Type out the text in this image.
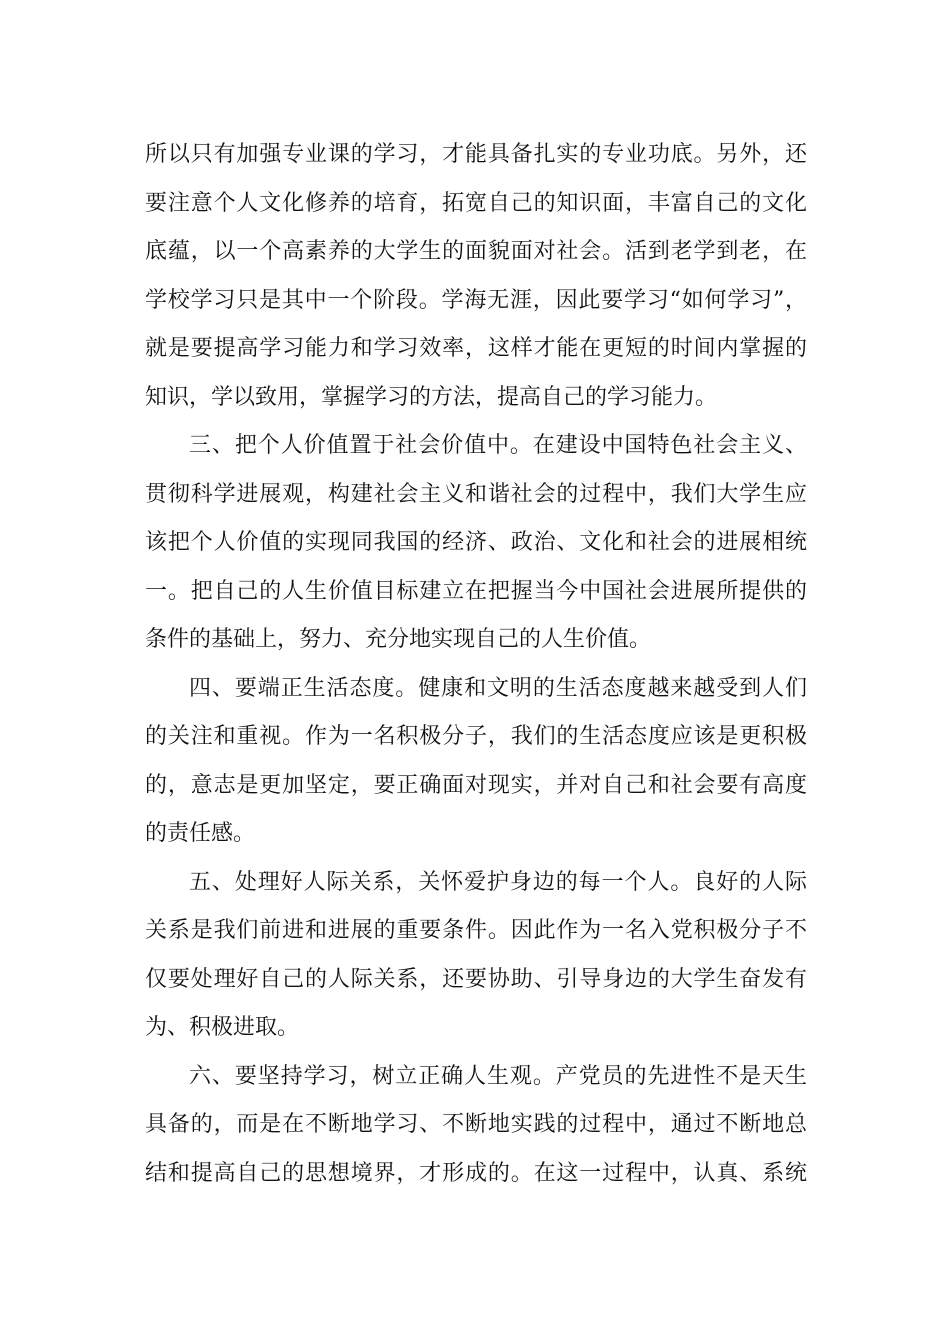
所以只有加强专业课的学习，才能具备扎实的专业功底。另外，还
要注意个人文化修养的培育，拓宽自己的知识面，丰富自己的文化
底蕴，以一个高素养的大学生的面貌面对社会。活到老学到老，在
学校学习只是其中一个阶段。学海无涯，因此要学习“如何学习”，
就是要提高学习能力和学习效率，这样才能在更短的时间内掌握的
知识，学以致用，掌握学习的方法，提高自己的学习能力。
三、把个人价值置于社会价值中。在建设中国特色社会主义、
贯彻科学进展观，构建社会主义和谐社会的过程中，我们大学生应
该把个人价值的实现同我国的经济、政治、文化和社会的进展相统
一。把自己的人生价值目标建立在把握当今中国社会进展所提供的
条件的基础上，努力、充分地实现自己的人生价值。
四、要端正生活态度。健康和文明的生活态度越来越受到人们
的关注和重视。作为一名积极分子，我们的生活态度应该是更积极
的，意志是更加坚定，要正确面对现实，并对自己和社会要有高度
的责任感。
五、处理好人际关系，关怀爱护身边的每一个人。良好的人际
关系是我们前进和进展的重要条件。因此作为一名入党积极分子不
仅要处理好自己的人际关系，还要协助、引导身边的大学生奋发有
为、积极进取。
六、要坚持学习，树立正确人生观。产党员的先进性不是天生
具备的，而是在不断地学习、不断地实践的过程中，通过不断地总
结和提高自己的思想境界，才形成的。在这一过程中，认真、系统
